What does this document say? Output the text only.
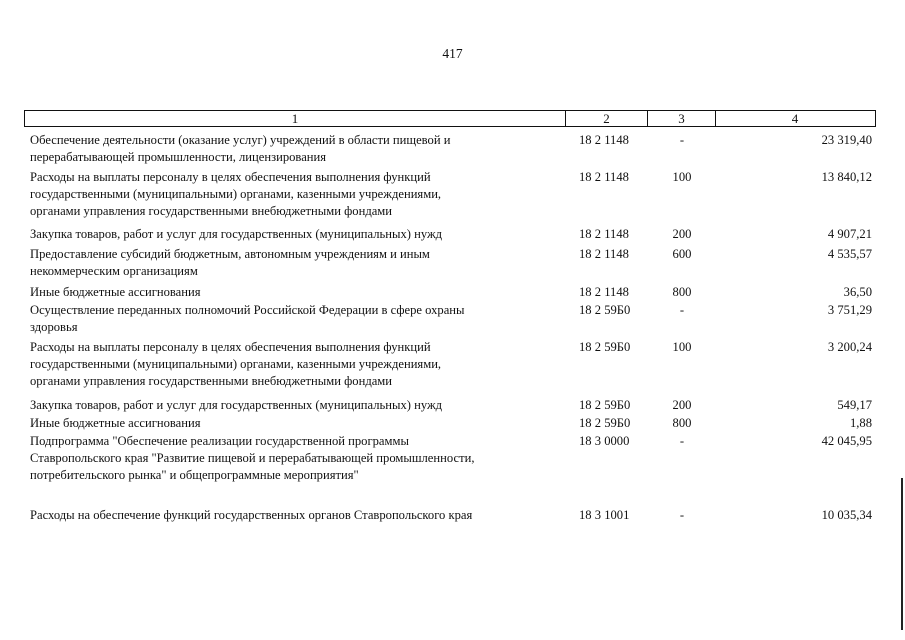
417
1	2	3	4
Обеспечение деятельности (оказание услуг) учреждений в области пищевой и
перерабатывающей промышленности, лицензирования
18 2 1148	-	23 319,40
Расходы на выплаты персоналу в целях обеспечения выполнения функций
государственными (муниципальными) органами, казенными учреждениями,
органами управления государственными внебюджетными фондами
18 2 1148	100	13 840,12
Закупка товаров, работ и услуг для государственных (муниципальных) нужд	18 2 1148	200	4 907,21
Предоставление субсидий бюджетным, автономным учреждениям и иным
некоммерческим организациям
18 2 1148	600	4 535,57
Иные бюджетные ассигнования	18 2 1148	800	36,50
Осуществление переданных полномочий Российской Федерации в сфере охраны
здоровья
18 2 59Б0	-	3 751,29
Расходы на выплаты персоналу в целях обеспечения выполнения функций
государственными (муниципальными) органами, казенными учреждениями,
органами управления государственными внебюджетными фондами
18 2 59Б0	100	3 200,24
Закупка товаров, работ и услуг для государственных (муниципальных) нужд	18 2 59Б0	200	549,17
Иные бюджетные ассигнования	18 2 59Б0	800	1,88
Подпрограмма "Обеспечение реализации государственной программы
Ставропольского края "Развитие пищевой и перерабатывающей промышленности,
потребительского рынка" и общепрограммные мероприятия"
18 3 0000	-	42 045,95
Расходы на обеспечение функций государственных органов Ставропольского края	18 3 1001	-	10 035,34
